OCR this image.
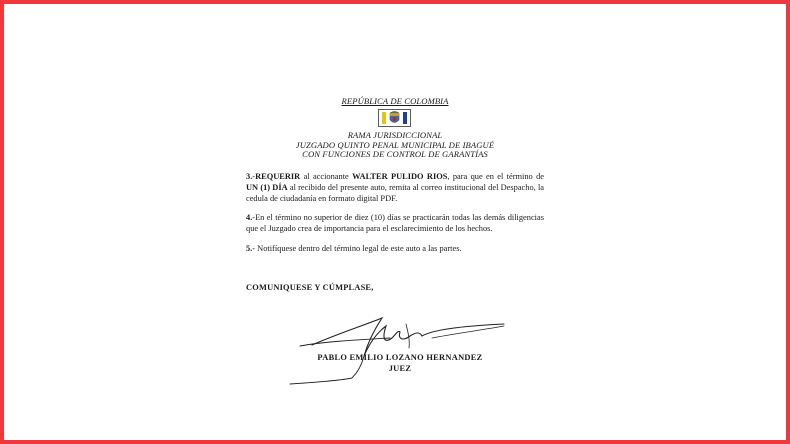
REPÚBLICA DE COLOMBIA
RAMA JURISDICCIONAL
JUZGADO QUINTO PENAL MUNICIPAL DE IBAGUÉ
CON FUNCIONES DE CONTROL DE GARANTÍAS
3.-REQUERIR al accionante WALTER PULIDO RIOS, para que en el término de UN (1) DÍA al recibido del presente auto, remita al correo institucional del Despacho, la cedula de ciudadanía en formato digital PDF.
4.-En el término no superior de diez (10) días se practicarán todas las demás diligencias que el Juzgado crea de importancia para el esclarecimiento de los hechos.
5.- Notifíquese dentro del término legal de este auto a las partes.
COMUNIQUESE Y CÚMPLASE,
PABLO EMILIO LOZANO HERNANDEZ
JUEZ
